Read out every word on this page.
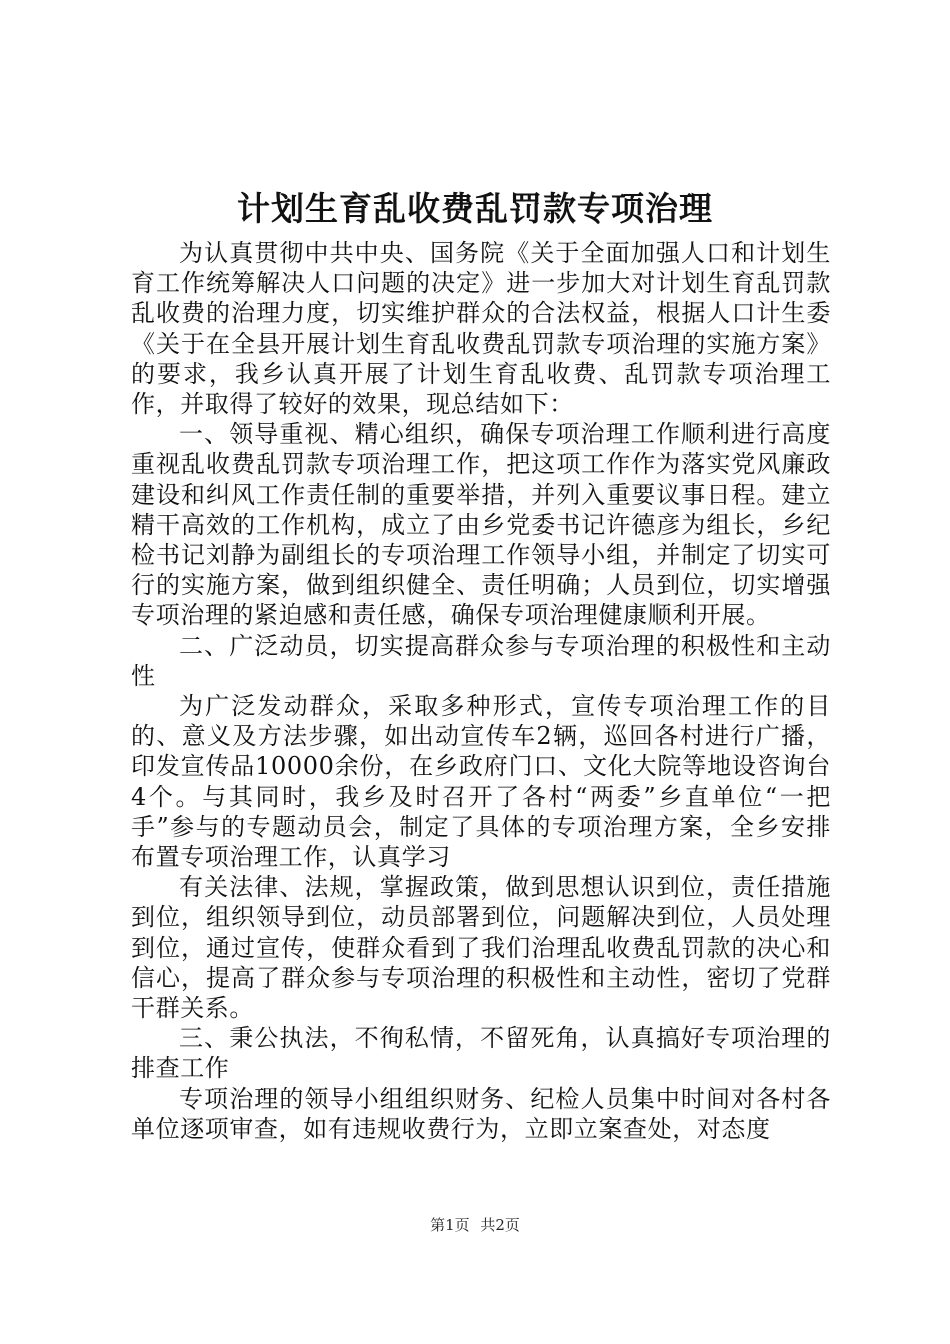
计划生育乱收费乱罚款专项治理

为认真贯彻中共中央、国务院《关于全面加强人口和计划生育工作统筹解决人口问题的决定》进一步加大对计划生育乱罚款乱收费的治理力度，切实维护群众的合法权益，根据人口计生委《关于在全县开展计划生育乱收费乱罚款专项治理的实施方案》的要求，我乡认真开展了计划生育乱收费、乱罚款专项治理工作，并取得了较好的效果，现总结如下：

一、领导重视、精心组织，确保专项治理工作顺利进行高度重视乱收费乱罚款专项治理工作，把这项工作作为落实党风廉政建设和纠风工作责任制的重要举措，并列入重要议事日程。建立精干高效的工作机构，成立了由乡党委书记许德彦为组长，乡纪检书记刘静为副组长的专项治理工作领导小组，并制定了切实可行的实施方案，做到组织健全、责任明确；人员到位，切实增强专项治理的紧迫感和责任感，确保专项治理健康顺利开展。

二、广泛动员，切实提高群众参与专项治理的积极性和主动性

为广泛发动群众，采取多种形式，宣传专项治理工作的目的、意义及方法步骤，如出动宣传车2辆，巡回各村进行广播，印发宣传品10000余份，在乡政府门口、文化大院等地设咨询台4个。与其同时，我乡及时召开了各村“两委”乡直单位“一把手”参与的专题动员会，制定了具体的专项治理方案，全乡安排布置专项治理工作，认真学习

有关法律、法规，掌握政策，做到思想认识到位，责任措施到位，组织领导到位，动员部署到位，问题解决到位，人员处理到位，通过宣传，使群众看到了我们治理乱收费乱罚款的决心和信心，提高了群众参与专项治理的积极性和主动性，密切了党群干群关系。

三、秉公执法，不徇私情，不留死角，认真搞好专项治理的排查工作

专项治理的领导小组组织财务、纪检人员集中时间对各村各单位逐项审查，如有违规收费行为，立即立案查处，对态度

第1页 共2页
